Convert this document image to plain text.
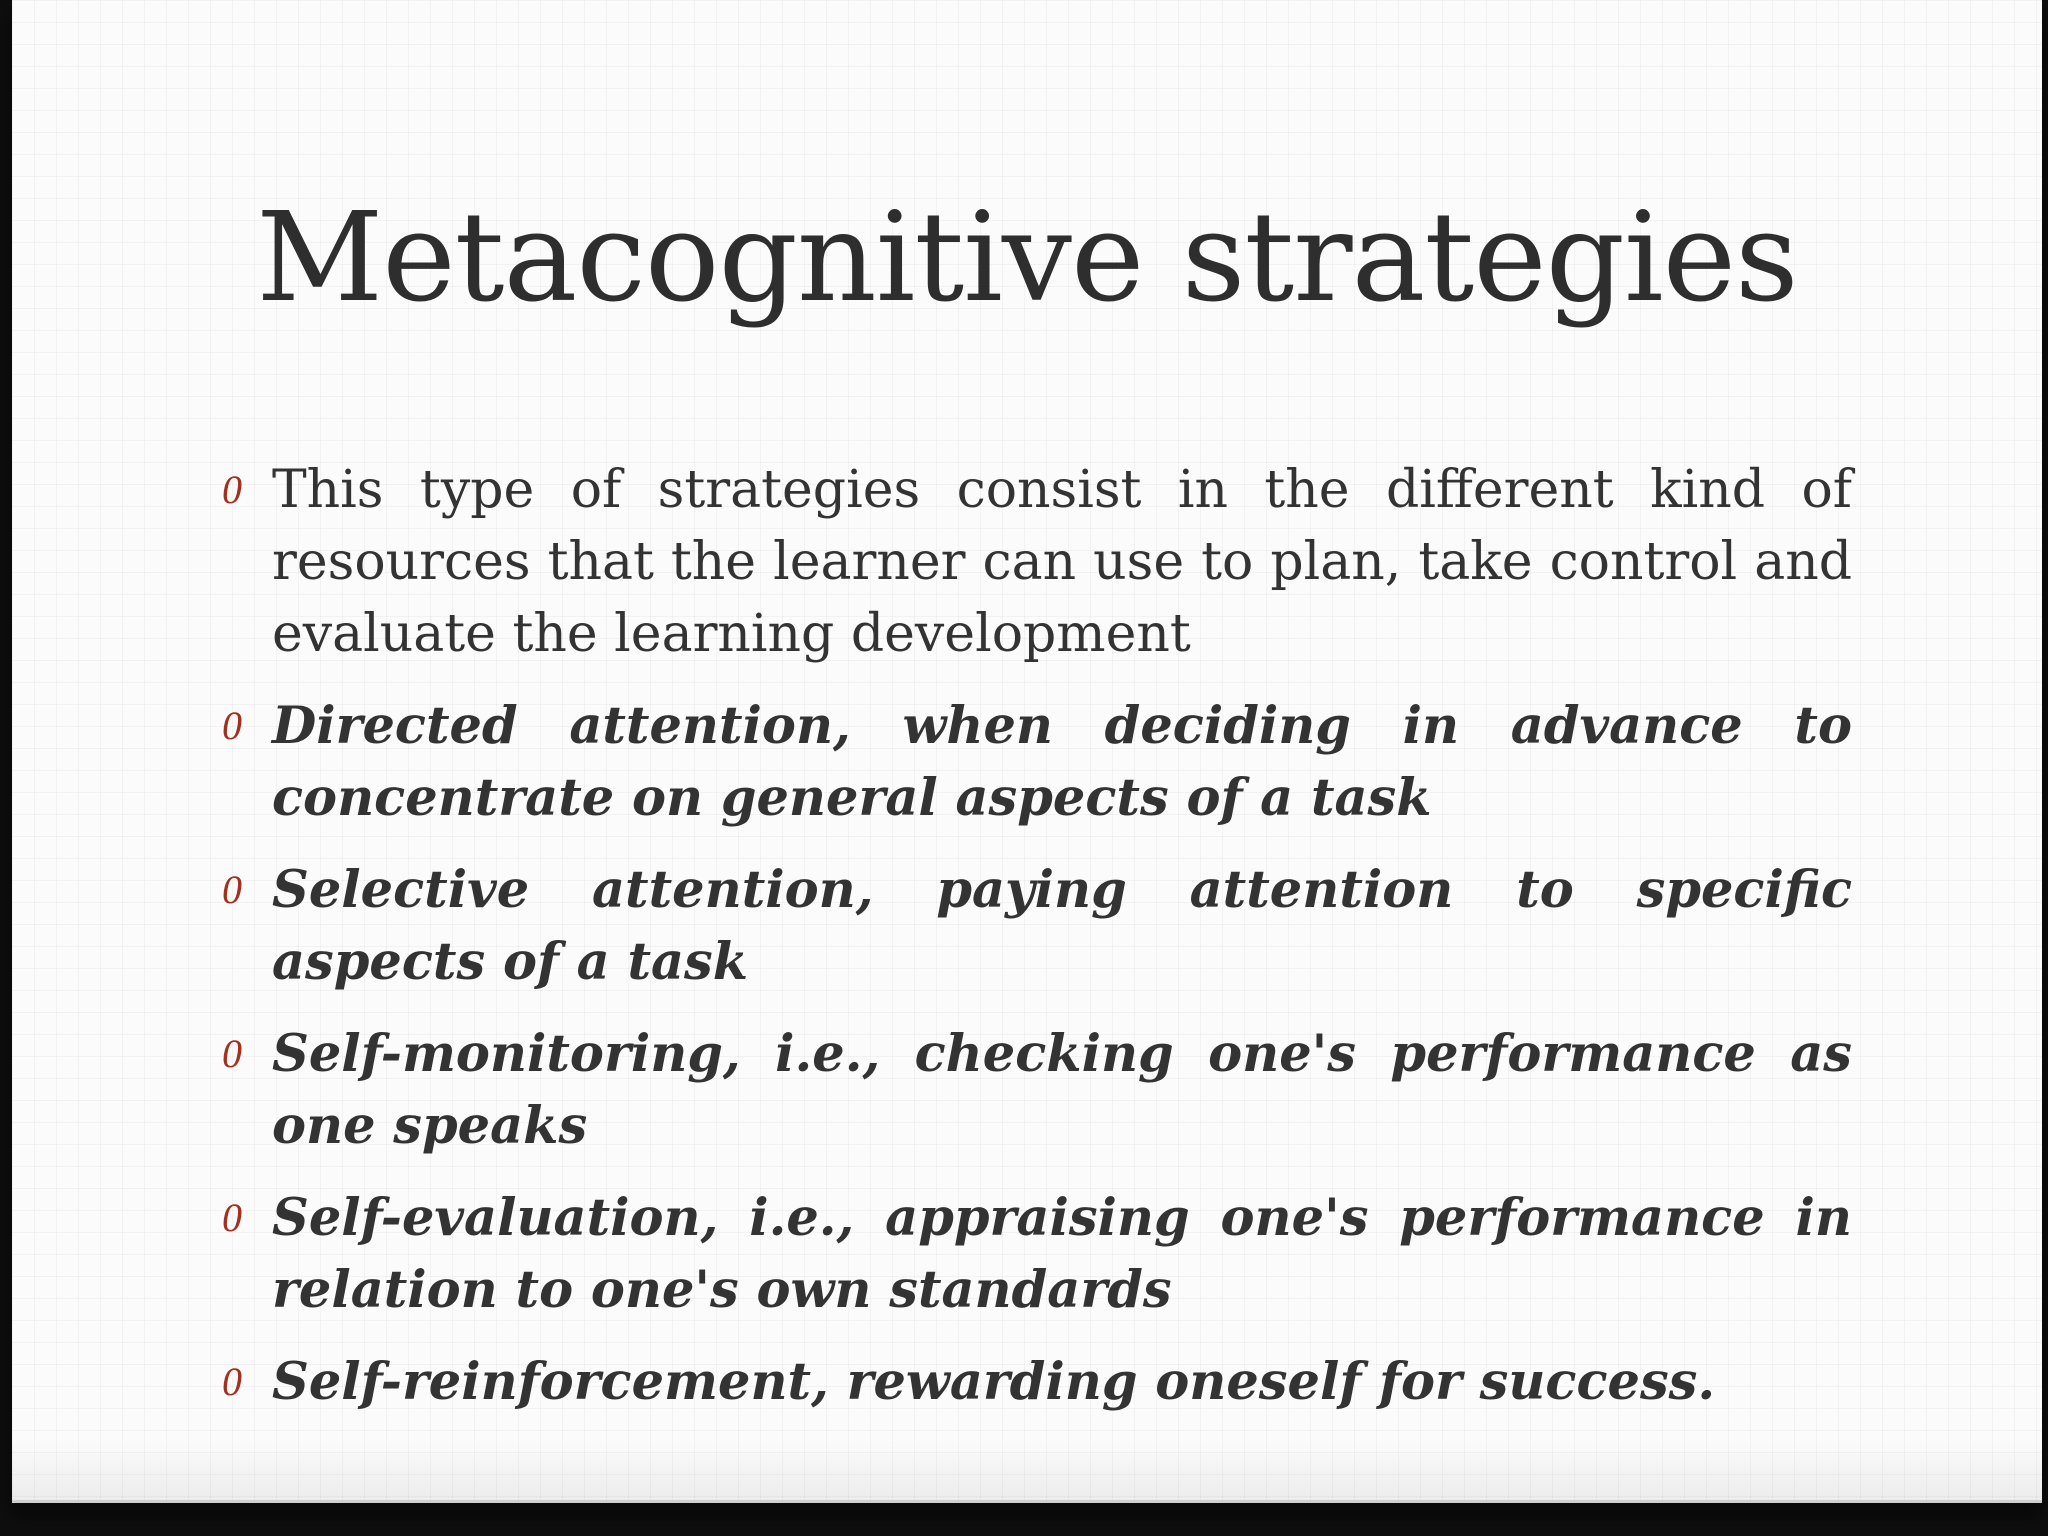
Metacognitive strategies
0 This type of strategies consist in the different kind of resources that the learner can use to plan, take control and evaluate the learning development
0 Directed attention, when deciding in advance to concentrate on general aspects of a task
0 Selective attention, paying attention to specific aspects of a task
0 Self-monitoring, i.e., checking one's performance as one speaks
0 Self-evaluation, i.e., appraising one's performance in relation to one's own standards
0 Self-reinforcement, rewarding oneself for success.
